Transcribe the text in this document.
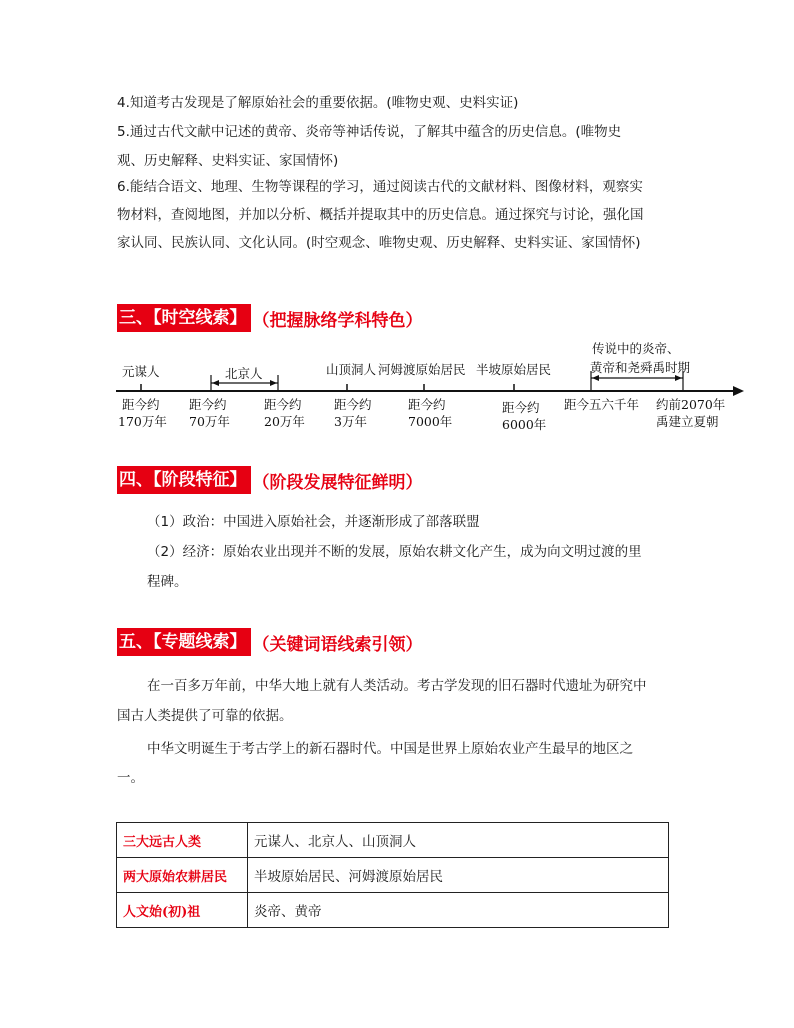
4.知道考古发现是了解原始社会的重要依据。(唯物史观、史料实证)
5.通过古代文献中记述的黄帝、炎帝等神话传说，了解其中蕴含的历史信息。(唯物史
观、历史解释、史料实证、家国情怀)
6.能结合语文、地理、生物等课程的学习，通过阅读古代的文献材料、图像材料，观察实
物材料，查阅地图，并加以分析、概括并提取其中的历史信息。通过探究与讨论，强化国
家认同、民族认同、文化认同。(时空观念、唯物史观、历史解释、史料实证、家国情怀)
三、【时空线索】 （把握脉络学科特色）
元谋人	北京人	山顶洞人 河姆渡原始居民 半坡原始居民
传说中的炎帝、
黄帝和尧舜禹时期
距今约
170万年
距今约
70万年
距今约
20万年
距今约
3万年
距今约
7000年
距今约
6000年
距今五六千年 约前2070年
禹建立夏朝
四、【阶段特征】 （阶段发展特征鲜明）
（1）政治：中国进入原始社会，并逐渐形成了部落联盟
（2）经济：原始农业出现并不断的发展，原始农耕文化产生，成为向文明过渡的里
程碑。
五、【专题线索】 （关键词语线索引领）
在一百多万年前，中华大地上就有人类活动。考古学发现的旧石器时代遗址为研究中
国古人类提供了可靠的依据。
中华文明诞生于考古学上的新石器时代。中国是世界上原始农业产生最早的地区之
一。
三大远古人类	元谋人、北京人、山顶洞人
两大原始农耕居民	半坡原始居民、河姆渡原始居民
人文始(初)祖	炎帝、黄帝
